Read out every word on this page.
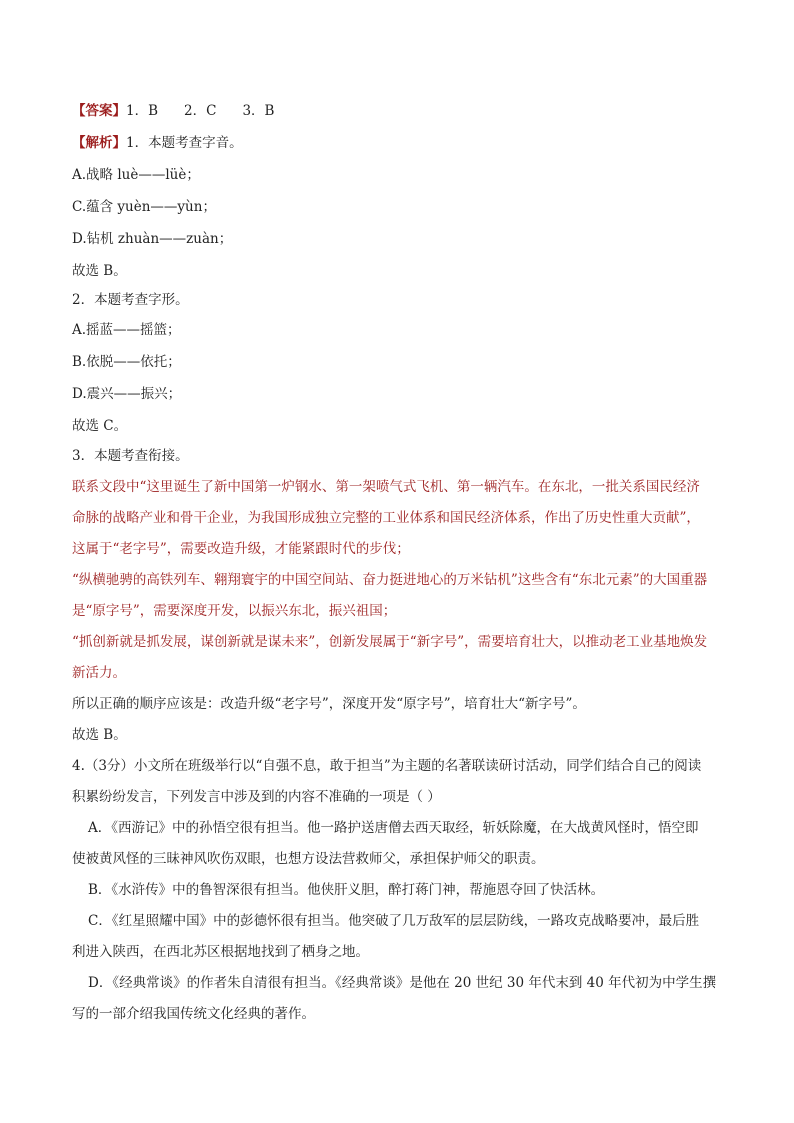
【答案】1．B 2．C 3．B
【解析】1．本题考查字音。
A.战略 luè——lüè；
C.蕴含 yuèn——yùn；
D.钻机 zhuàn——zuàn；
故选 B。
2．本题考查字形。
A.摇蓝——摇篮；
B.依脱——依托；
D.震兴——振兴；
故选 C。
3．本题考查衔接。
联系文段中“这里诞生了新中国第一炉钢水、第一架喷气式飞机、第一辆汽车。在东北，一批关系国民经济
命脉的战略产业和骨干企业，为我国形成独立完整的工业体系和国民经济体系，作出了历史性重大贡献”，
这属于“老字号”，需要改造升级，才能紧跟时代的步伐；
“纵横驰骋的高铁列车、翱翔寰宇的中国空间站、奋力挺进地心的万米钻机”这些含有“东北元素”的大国重器
是“原字号”，需要深度开发，以振兴东北，振兴祖国；
“抓创新就是抓发展，谋创新就是谋未来”，创新发展属于“新字号”，需要培育壮大，以推动老工业基地焕发
新活力。
所以正确的顺序应该是：改造升级“老字号”，深度开发“原字号”，培育壮大“新字号”。
故选 B。
4.（3分）小文所在班级举行以“自强不息，敢于担当”为主题的名著联读研讨活动，同学们结合自己的阅读
积累纷纷发言，下列发言中涉及到的内容不准确的一项是（ ）
A．《西游记》中的孙悟空很有担当。他一路护送唐僧去西天取经，斩妖除魔，在大战黄风怪时，悟空即
使被黄风怪的三昧神风吹伤双眼，也想方设法营救师父，承担保护师父的职责。
B．《水浒传》中的鲁智深很有担当。他侠肝义胆，醉打蒋门神，帮施恩夺回了快活林。
C．《红星照耀中国》中的彭德怀很有担当。他突破了几万敌军的层层防线，一路攻克战略要冲，最后胜
利进入陕西，在西北苏区根据地找到了栖身之地。
D．《经典常谈》的作者朱自清很有担当。《经典常谈》是他在 20 世纪 30 年代末到 40 年代初为中学生撰
写的一部介绍我国传统文化经典的著作。
